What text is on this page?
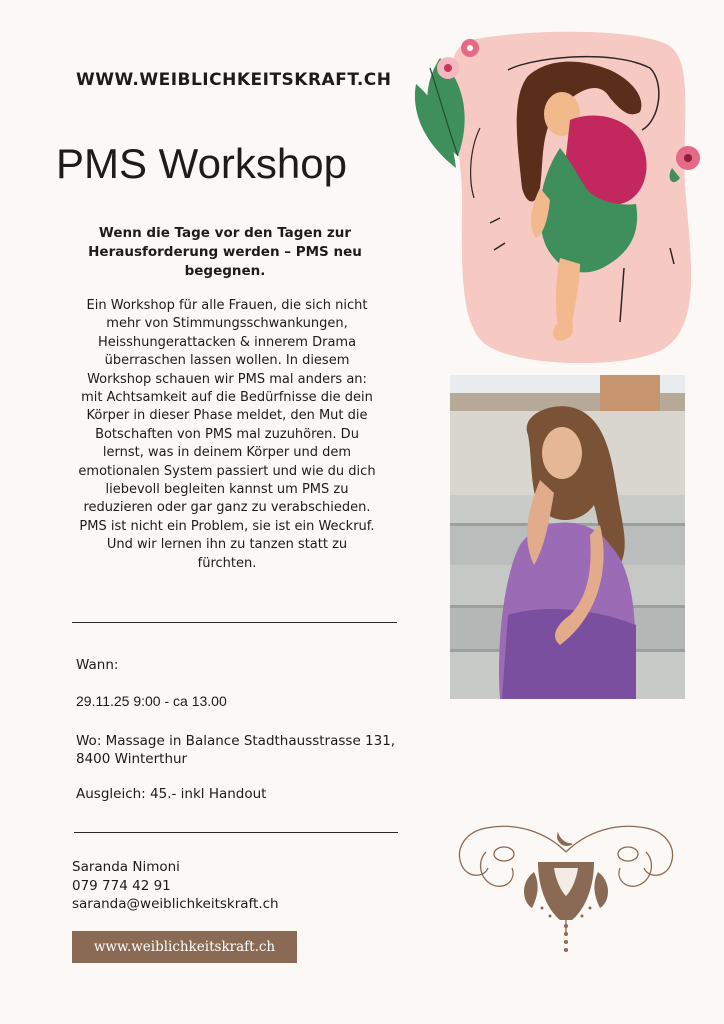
WWW.WEIBLICHKEITSKRAFT.CH
PMS Workshop
Wenn die Tage vor den Tagen zur Herausforderung werden – PMS neu begegnen.
Ein Workshop für alle Frauen, die sich nicht
mehr von Stimmungsschwankungen,
Heisshungerattacken & innerem Drama
überraschen lassen wollen. In diesem
Workshop schauen wir PMS mal anders an:
mit Achtsamkeit auf die Bedürfnisse die dein
Körper in dieser Phase meldet, den Mut die
Botschaften von PMS mal zuzuhören. Du
lernst, was in deinem Körper und dem
emotionalen System passiert und wie du dich
liebevoll begleiten kannst um PMS zu
reduzieren oder gar ganz zu verabschieden.
PMS ist nicht ein Problem, sie ist ein Weckruf.
Und wir lernen ihn zu tanzen statt zu
fürchten.
Wann:
29.11.25 9:00 - ca 13.00
Wo: Massage in Balance Stadthausstrasse 131,
8400 Winterthur
Ausgleich: 45.- inkl Handout
Saranda Nimoni
079 774 42 91
saranda@weiblichkeitskraft.ch
www.weiblichkeitskraft.ch
